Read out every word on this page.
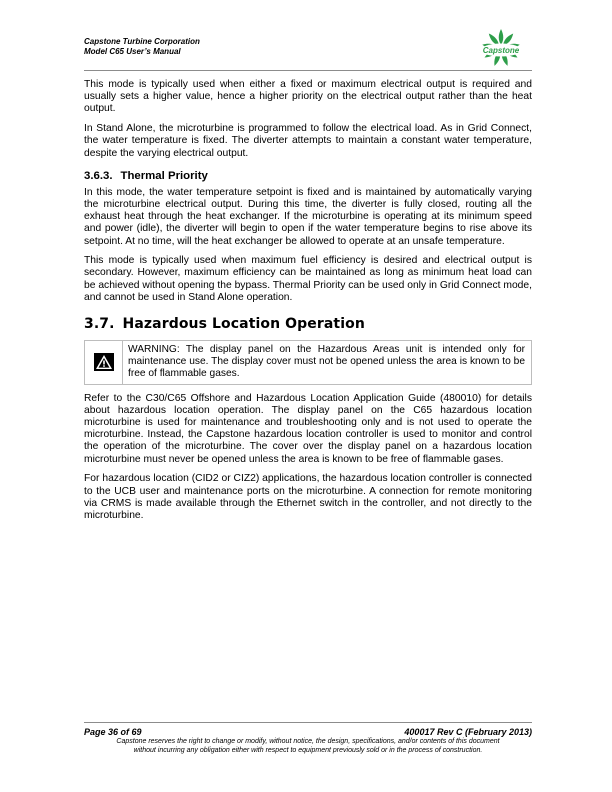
Capstone Turbine Corporation
Model C65 User’s Manual	Capstone

This mode is typically used when either a fixed or maximum electrical output is required and usually sets a higher value, hence a higher priority on the electrical output rather than the heat output.

In Stand Alone, the microturbine is programmed to follow the electrical load. As in Grid Connect, the water temperature is fixed. The diverter attempts to maintain a constant water temperature, despite the varying electrical output.

3.6.3. Thermal Priority

In this mode, the water temperature setpoint is fixed and is maintained by automatically varying the microturbine electrical output. During this time, the diverter is fully closed, routing all the exhaust heat through the heat exchanger. If the microturbine is operating at its minimum speed and power (idle), the diverter will begin to open if the water temperature begins to rise above its setpoint. At no time, will the heat exchanger be allowed to operate at an unsafe temperature.

This mode is typically used when maximum fuel efficiency is desired and electrical output is secondary. However, maximum efficiency can be maintained as long as minimum heat load can be achieved without opening the bypass. Thermal Priority can be used only in Grid Connect mode, and cannot be used in Stand Alone operation.

3.7. Hazardous Location Operation
WARNING: The display panel on the Hazardous Areas unit is intended only for maintenance use. The display cover must not be opened unless the area is known to be free of flammable gases.

Refer to the C30/C65 Offshore and Hazardous Location Application Guide (480010) for details about hazardous location operation. The display panel on the C65 hazardous location microturbine is used for maintenance and troubleshooting only and is not used to operate the microturbine. Instead, the Capstone hazardous location controller is used to monitor and control the operation of the microturbine. The cover over the display panel on a hazardous location microturbine must never be opened unless the area is known to be free of flammable gases.

For hazardous location (CID2 or CIZ2) applications, the hazardous location controller is connected to the UCB user and maintenance ports on the microturbine. A connection for remote monitoring via CRMS is made available through the Ethernet switch in the controller, and not directly to the microturbine.

Page 36 of 69	400017 Rev C (February 2013)
Capstone reserves the right to change or modify, without notice, the design, specifications, and/or contents of this document
without incurring any obligation either with respect to equipment previously sold or in the process of construction.
